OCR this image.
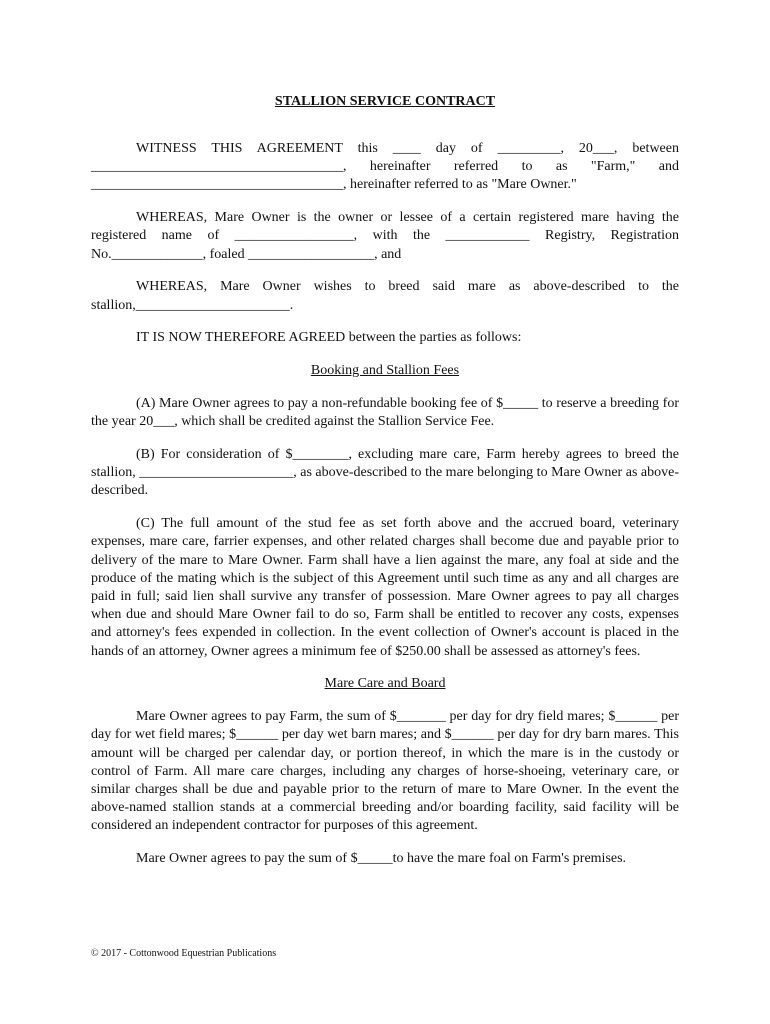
STALLION SERVICE CONTRACT

WITNESS THIS AGREEMENT this ____ day of _________, 20___, between ____________________________________, hereinafter referred to as "Farm," and ____________________________________, hereinafter referred to as "Mare Owner."

WHEREAS, Mare Owner is the owner or lessee of a certain registered mare having the registered name of _________________, with the ____________ Registry, Registration No._____________, foaled __________________, and

WHEREAS, Mare Owner wishes to breed said mare as above-described to the stallion,______________________.

IT IS NOW THEREFORE AGREED between the parties as follows:

Booking and Stallion Fees

(A) Mare Owner agrees to pay a non-refundable booking fee of $_____ to reserve a breeding for the year 20___, which shall be credited against the Stallion Service Fee.

(B) For consideration of $________, excluding mare care, Farm hereby agrees to breed the stallion, ______________________, as above-described to the mare belonging to Mare Owner as above-described.

(C) The full amount of the stud fee as set forth above and the accrued board, veterinary expenses, mare care, farrier expenses, and other related charges shall become due and payable prior to delivery of the mare to Mare Owner. Farm shall have a lien against the mare, any foal at side and the produce of the mating which is the subject of this Agreement until such time as any and all charges are paid in full; said lien shall survive any transfer of possession. Mare Owner agrees to pay all charges when due and should Mare Owner fail to do so, Farm shall be entitled to recover any costs, expenses and attorney's fees expended in collection. In the event collection of Owner's account is placed in the hands of an attorney, Owner agrees a minimum fee of $250.00 shall be assessed as attorney's fees.

Mare Care and Board

Mare Owner agrees to pay Farm, the sum of $_______ per day for dry field mares; $______ per day for wet field mares; $______ per day wet barn mares; and $______ per day for dry barn mares. This amount will be charged per calendar day, or portion thereof, in which the mare is in the custody or control of Farm. All mare care charges, including any charges of horse-shoeing, veterinary care, or similar charges shall be due and payable prior to the return of mare to Mare Owner. In the event the above-named stallion stands at a commercial breeding and/or boarding facility, said facility will be considered an independent contractor for purposes of this agreement.

Mare Owner agrees to pay the sum of $_____to have the mare foal on Farm's premises.

© 2017 - Cottonwood Equestrian Publications
